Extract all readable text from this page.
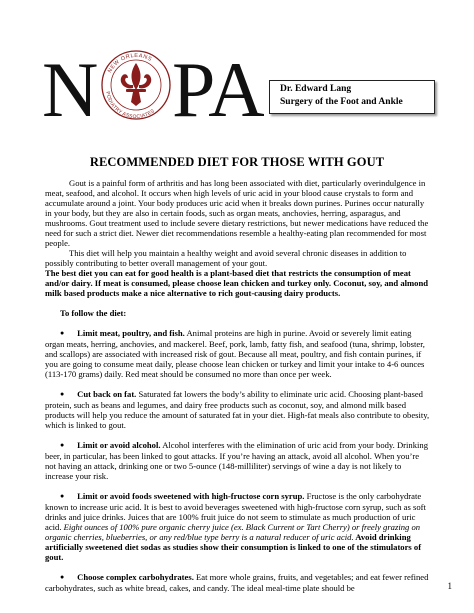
N NEW ORLEANS
PODIATRY ASSOCIATES PA Dr. Edward Lang
Surgery of the Foot and Ankle
RECOMMENDED DIET FOR THOSE WITH GOUT

Gout is a painful form of arthritis and has long been associated with diet, particularly overindulgence in meat, seafood, and alcohol. It occurs when high levels of uric acid in your blood cause crystals to form and accumulate around a joint. Your body produces uric acid when it breaks down purines. Purines occur naturally in your body, but they are also in certain foods, such as organ meats, anchovies, herring, asparagus, and mushrooms. Gout treatment used to include severe dietary restrictions, but newer medications have reduced the need for such a strict diet. Newer diet recommendations resemble a healthy-eating plan recommended for most people.

This diet will help you maintain a healthy weight and avoid several chronic diseases in addition to possibly contributing to better overall management of your gout.

The best diet you can eat for good health is a plant-based diet that restricts the consumption of meat and/or dairy. If meat is consumed, please choose lean chicken and turkey only. Coconut, soy, and almond milk based products make a nice alternative to rich gout-causing dairy products.

To follow the diet:

● Limit meat, poultry, and fish. Animal proteins are high in purine. Avoid or severely limit eating organ meats, herring, anchovies, and mackerel. Beef, pork, lamb, fatty fish, and seafood (tuna, shrimp, lobster, and scallops) are associated with increased risk of gout. Because all meat, poultry, and fish contain purines, if you are going to consume meat daily, please choose lean chicken or turkey and limit your intake to 4-6 ounces (113-170 grams) daily. Red meat should be consumed no more than once per week.

● Cut back on fat. Saturated fat lowers the body’s ability to eliminate uric acid. Choosing plant-based protein, such as beans and legumes, and dairy free products such as coconut, soy, and almond milk based products will help you reduce the amount of saturated fat in your diet. High-fat meals also contribute to obesity, which is linked to gout.

● Limit or avoid alcohol. Alcohol interferes with the elimination of uric acid from your body. Drinking beer, in particular, has been linked to gout attacks. If you’re having an attack, avoid all alcohol. When you’re not having an attack, drinking one or two 5-ounce (148-milliliter) servings of wine a day is not likely to increase your risk.

● Limit or avoid foods sweetened with high-fructose corn syrup. Fructose is the only carbohydrate known to increase uric acid. It is best to avoid beverages sweetened with high-fructose corn syrup, such as soft drinks and juice drinks. Juices that are 100% fruit juice do not seem to stimulate as much production of uric acid. Eight ounces of 100% pure organic cherry juice (ex. Black Current or Tart Cherry) or freely grazing on organic cherries, blueberries, or any red/blue type berry is a natural reducer of uric acid. Avoid drinking artificially sweetened diet sodas as studies show their consumption is linked to one of the stimulators of gout.

● Choose complex carbohydrates. Eat more whole grains, fruits, and vegetables; and eat fewer refined carbohydrates, such as white bread, cakes, and candy. The ideal meal-time plate should be	1
